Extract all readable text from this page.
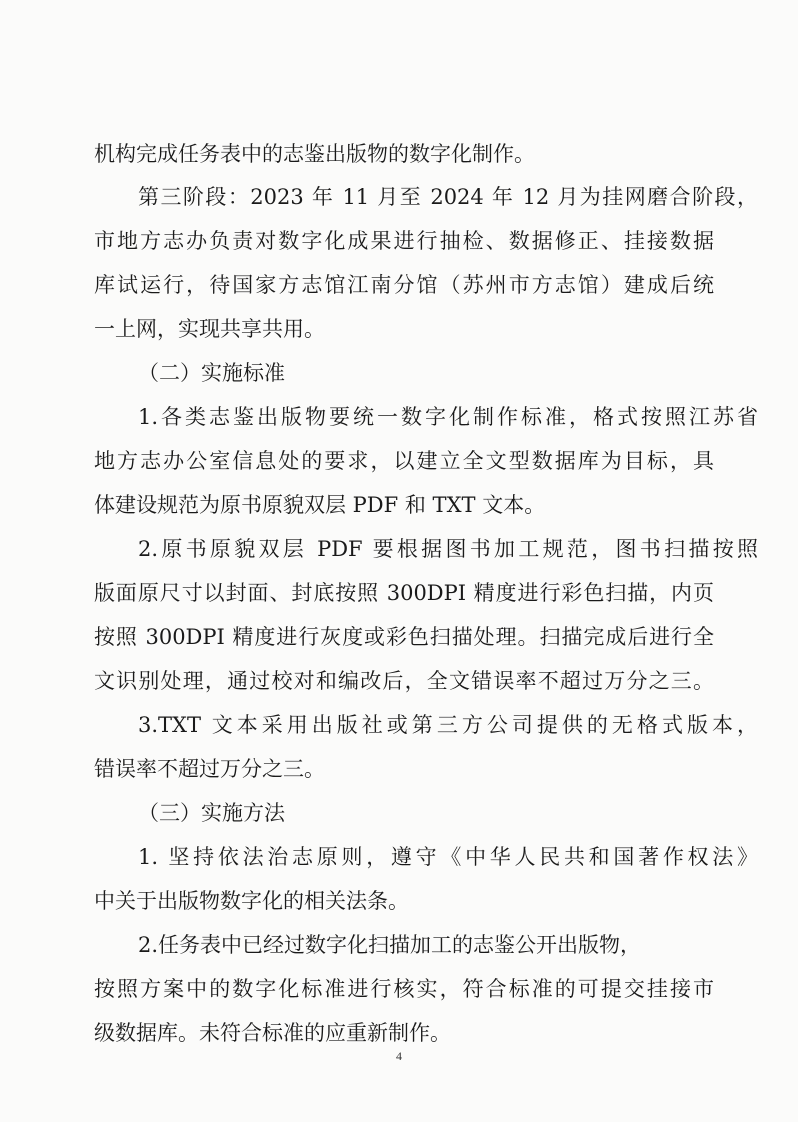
机构完成任务表中的志鉴出版物的数字化制作。
第三阶段：2023 年 11 月至 2024 年 12 月为挂网磨合阶段，
市地方志办负责对数字化成果进行抽检、数据修正、挂接数据
库试运行，待国家方志馆江南分馆（苏州市方志馆）建成后统
一上网，实现共享共用。
（二）实施标准
1.各类志鉴出版物要统一数字化制作标准，格式按照江苏省
地方志办公室信息处的要求，以建立全文型数据库为目标，具
体建设规范为原书原貌双层 PDF 和 TXT 文本。
2.原书原貌双层 PDF 要根据图书加工规范，图书扫描按照
版面原尺寸以封面、封底按照 300DPI 精度进行彩色扫描，内页
按照 300DPI 精度进行灰度或彩色扫描处理。扫描完成后进行全
文识别处理，通过校对和编改后，全文错误率不超过万分之三。
3.TXT 文本采用出版社或第三方公司提供的无格式版本，
错误率不超过万分之三。
（三）实施方法
1. 坚持依法治志原则，遵守《中华人民共和国著作权法》
中关于出版物数字化的相关法条。
2.任务表中已经过数字化扫描加工的志鉴公开出版物，
按照方案中的数字化标准进行核实，符合标准的可提交挂接市
级数据库。未符合标准的应重新制作。
4
